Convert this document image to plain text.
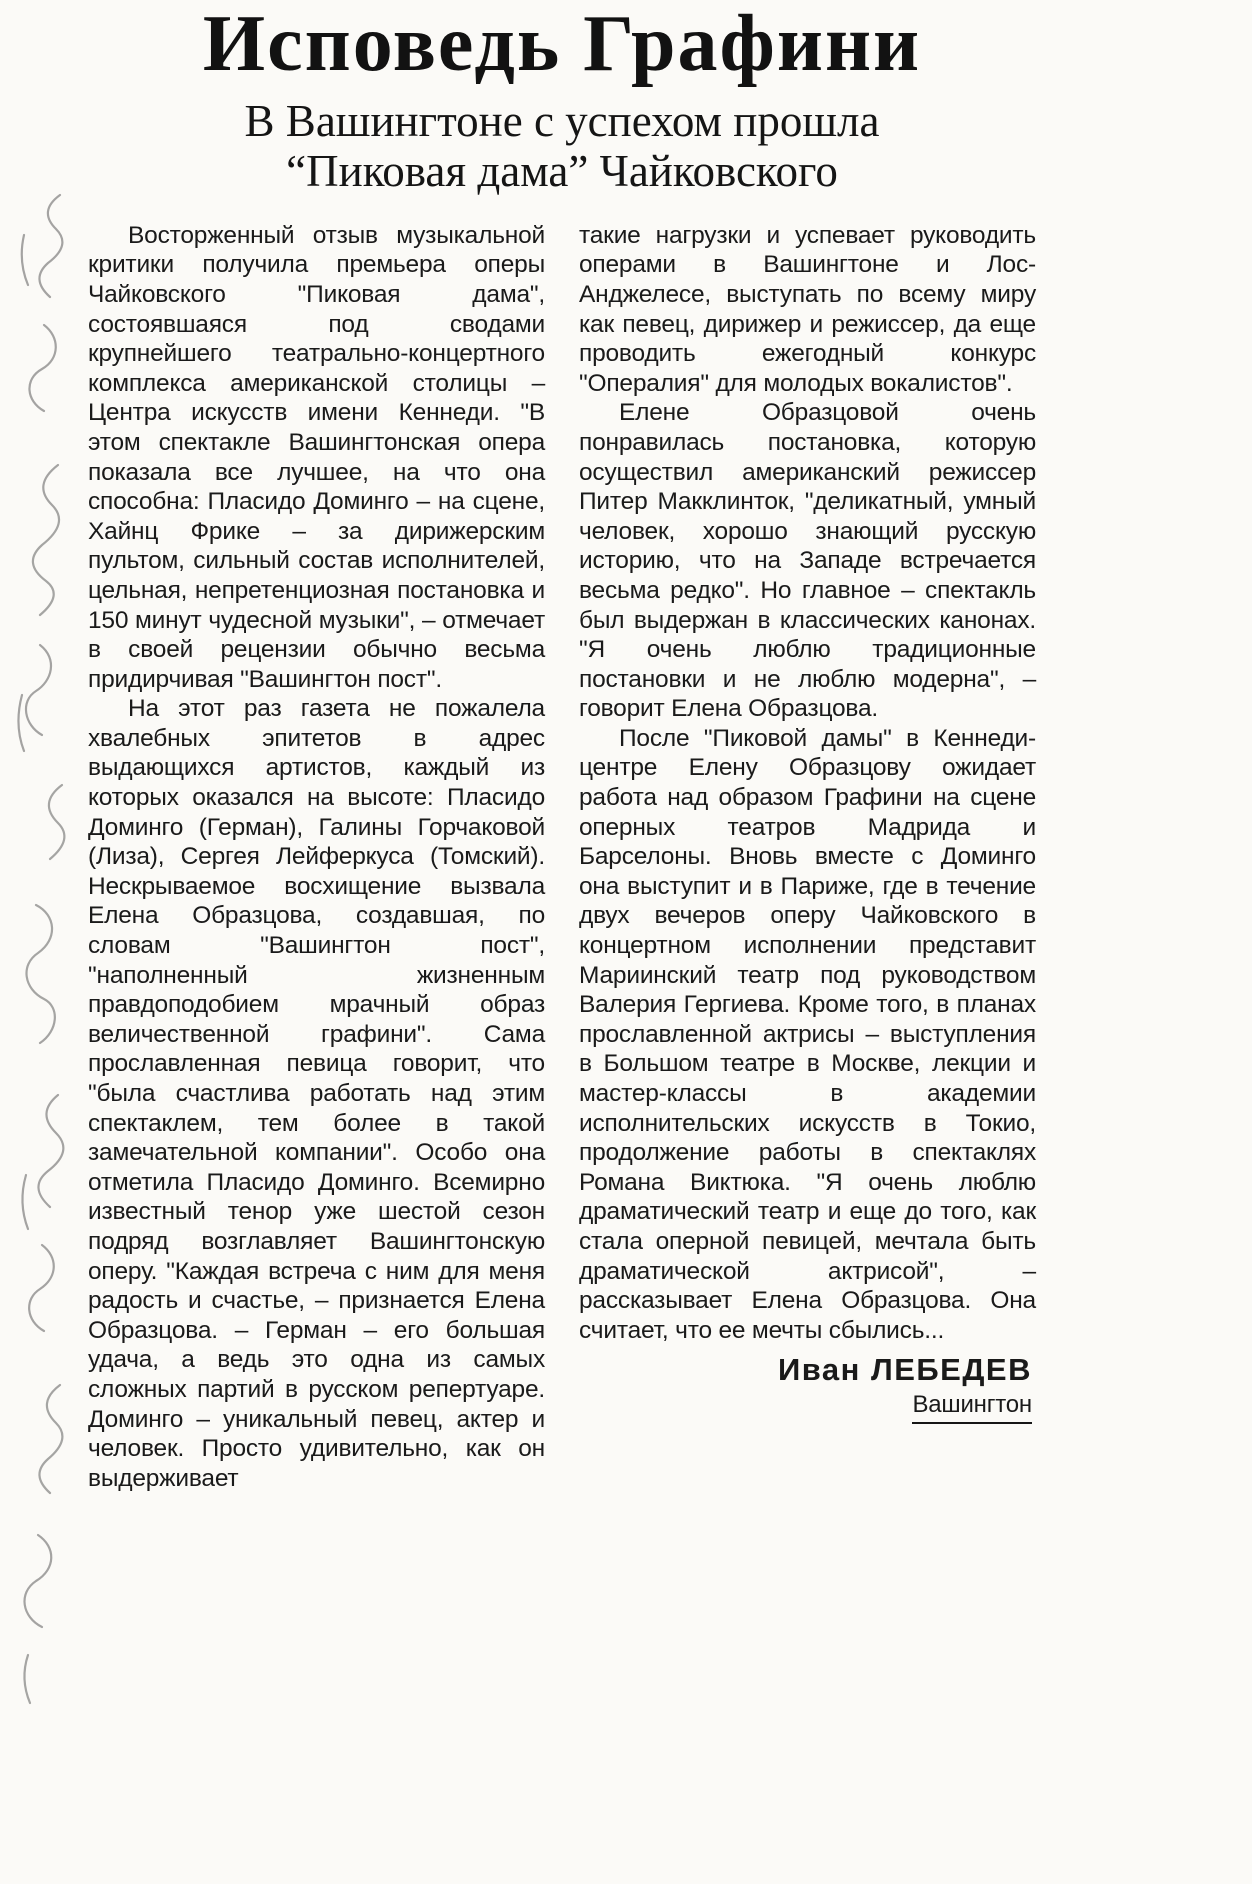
Исповедь Графини
В Вашингтоне с успехом прошла
“Пиковая дама” Чайковского

Восторженный отзыв музыкальной критики получила премьера оперы Чайковского "Пиковая дама", состоявшаяся под сводами крупнейшего театрально-концертного комплекса американской столицы – Центра искусств имени Кеннеди. "В этом спектакле Вашингтонская опера показала все лучшее, на что она способна: Пласидо Доминго – на сцене, Хайнц Фрике – за дирижерским пультом, сильный состав исполнителей, цельная, непретенциозная постановка и 150 минут чудесной музыки", – отмечает в своей рецензии обычно весьма придирчивая "Вашингтон пост".

На этот раз газета не пожалела хвалебных эпитетов в адрес выдающихся артистов, каждый из которых оказался на высоте: Пласидо Доминго (Герман), Галины Горчаковой (Лиза), Сергея Лейферкуса (Томский). Нескрываемое восхищение вызвала Елена Образцова, создавшая, по словам "Вашингтон пост", "наполненный жизненным правдоподобием мрачный образ величественной графини". Сама прославленная певица говорит, что "была счастлива работать над этим спектаклем, тем более в такой замечательной компании". Особо она отметила Пласидо Доминго. Всемирно известный тенор уже шестой сезон подряд возглавляет Вашингтонскую оперу. "Каждая встреча с ним для меня радость и счастье, – признается Елена Образцова. – Герман – его большая удача, а ведь это одна из самых сложных партий в русском репертуаре. Доминго – уникальный певец, актер и человек. Просто удивительно, как он выдерживает

такие нагрузки и успевает руководить операми в Вашингтоне и Лос-Анджелесе, выступать по всему миру как певец, дирижер и режиссер, да еще проводить ежегодный конкурс "Опералия" для молодых вокалистов".

Елене Образцовой очень понравилась постановка, которую осуществил американский режиссер Питер Макклинток, "деликатный, умный человек, хорошо знающий русскую историю, что на Западе встречается весьма редко". Но главное – спектакль был выдержан в классических канонах. "Я очень люблю традиционные постановки и не люблю модерна", – говорит Елена Образцова.

После "Пиковой дамы" в Кеннеди-центре Елену Образцову ожидает работа над образом Графини на сцене оперных театров Мадрида и Барселоны. Вновь вместе с Доминго она выступит и в Париже, где в течение двух вечеров оперу Чайковского в концертном исполнении представит Мариинский театр под руководством Валерия Гергиева. Кроме того, в планах прославленной актрисы – выступления в Большом театре в Москве, лекции и мастер-классы в академии исполнительских искусств в Токио, продолжение работы в спектаклях Романа Виктюка. "Я очень люблю драматический театр и еще до того, как стала оперной певицей, мечтала быть драматической актрисой", – рассказывает Елена Образцова. Она считает, что ее мечты сбылись...

Иван ЛЕБЕДЕВ
Вашингтон
